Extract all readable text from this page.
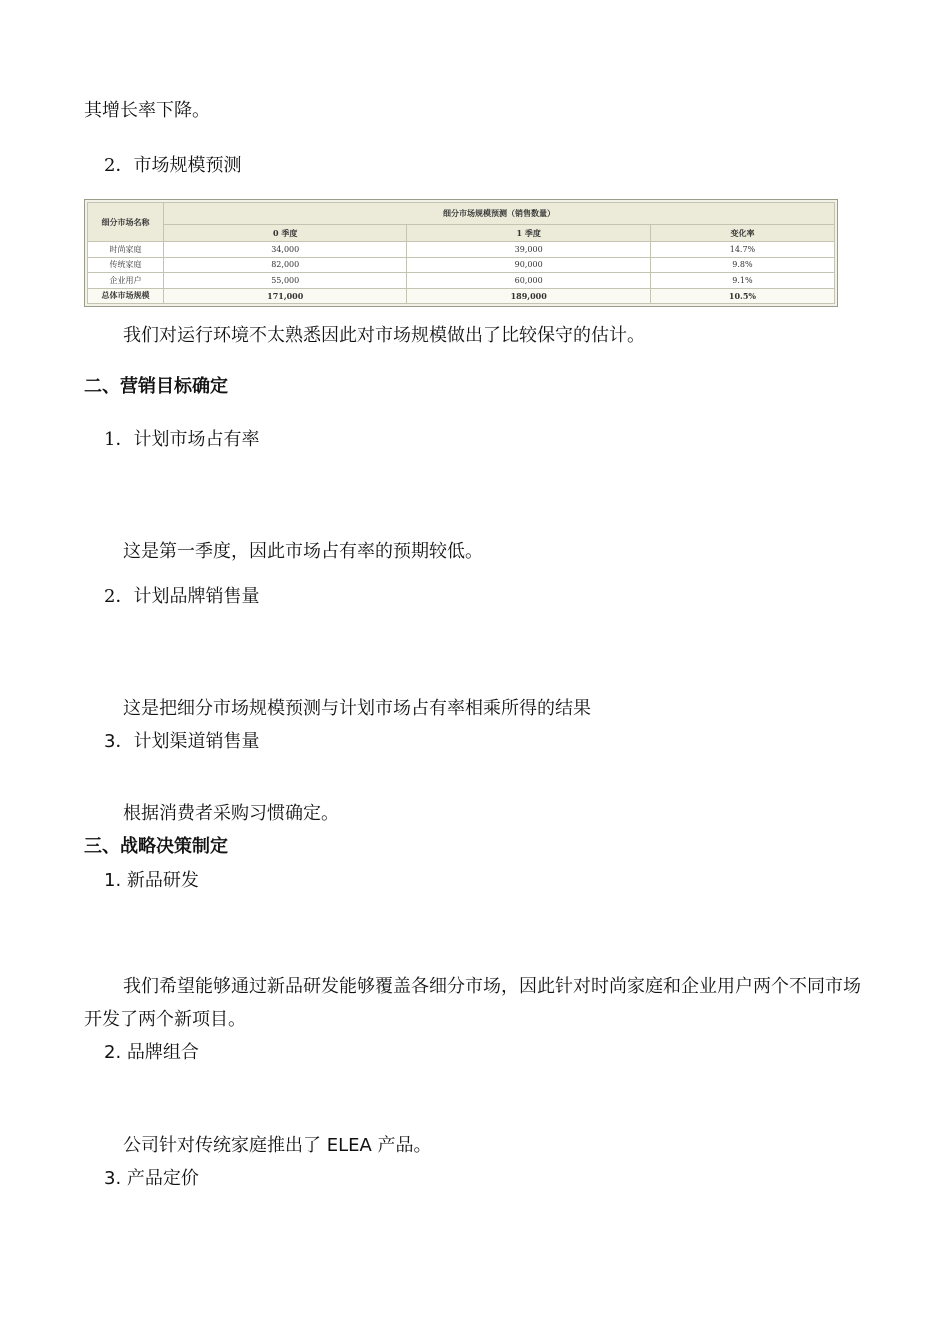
其增长率下降。
2．市场规模预测
细分市场名称	细分市场规模预测（销售数量）		
	0 季度	1 季度	变化率
时尚家庭	34,000	39,000	14.7%
传统家庭	82,000	90,000	9.8%
企业用户	55,000	60,000	9.1%
总体市场规模	171,000	189,000	10.5%
我们对运行环境不太熟悉因此对市场规模做出了比较保守的估计。
二、营销目标确定
1．计划市场占有率
这是第一季度，因此市场占有率的预期较低。
2．计划品牌销售量
这是把细分市场规模预测与计划市场占有率相乘所得的结果
3．计划渠道销售量
根据消费者采购习惯确定。
三、战略决策制定
1. 新品研发
我们希望能够通过新品研发能够覆盖各细分市场，因此针对时尚家庭和企业用户两个不同市场
开发了两个新项目。
2. 品牌组合
公司针对传统家庭推出了 ELEA 产品。
3. 产品定价
